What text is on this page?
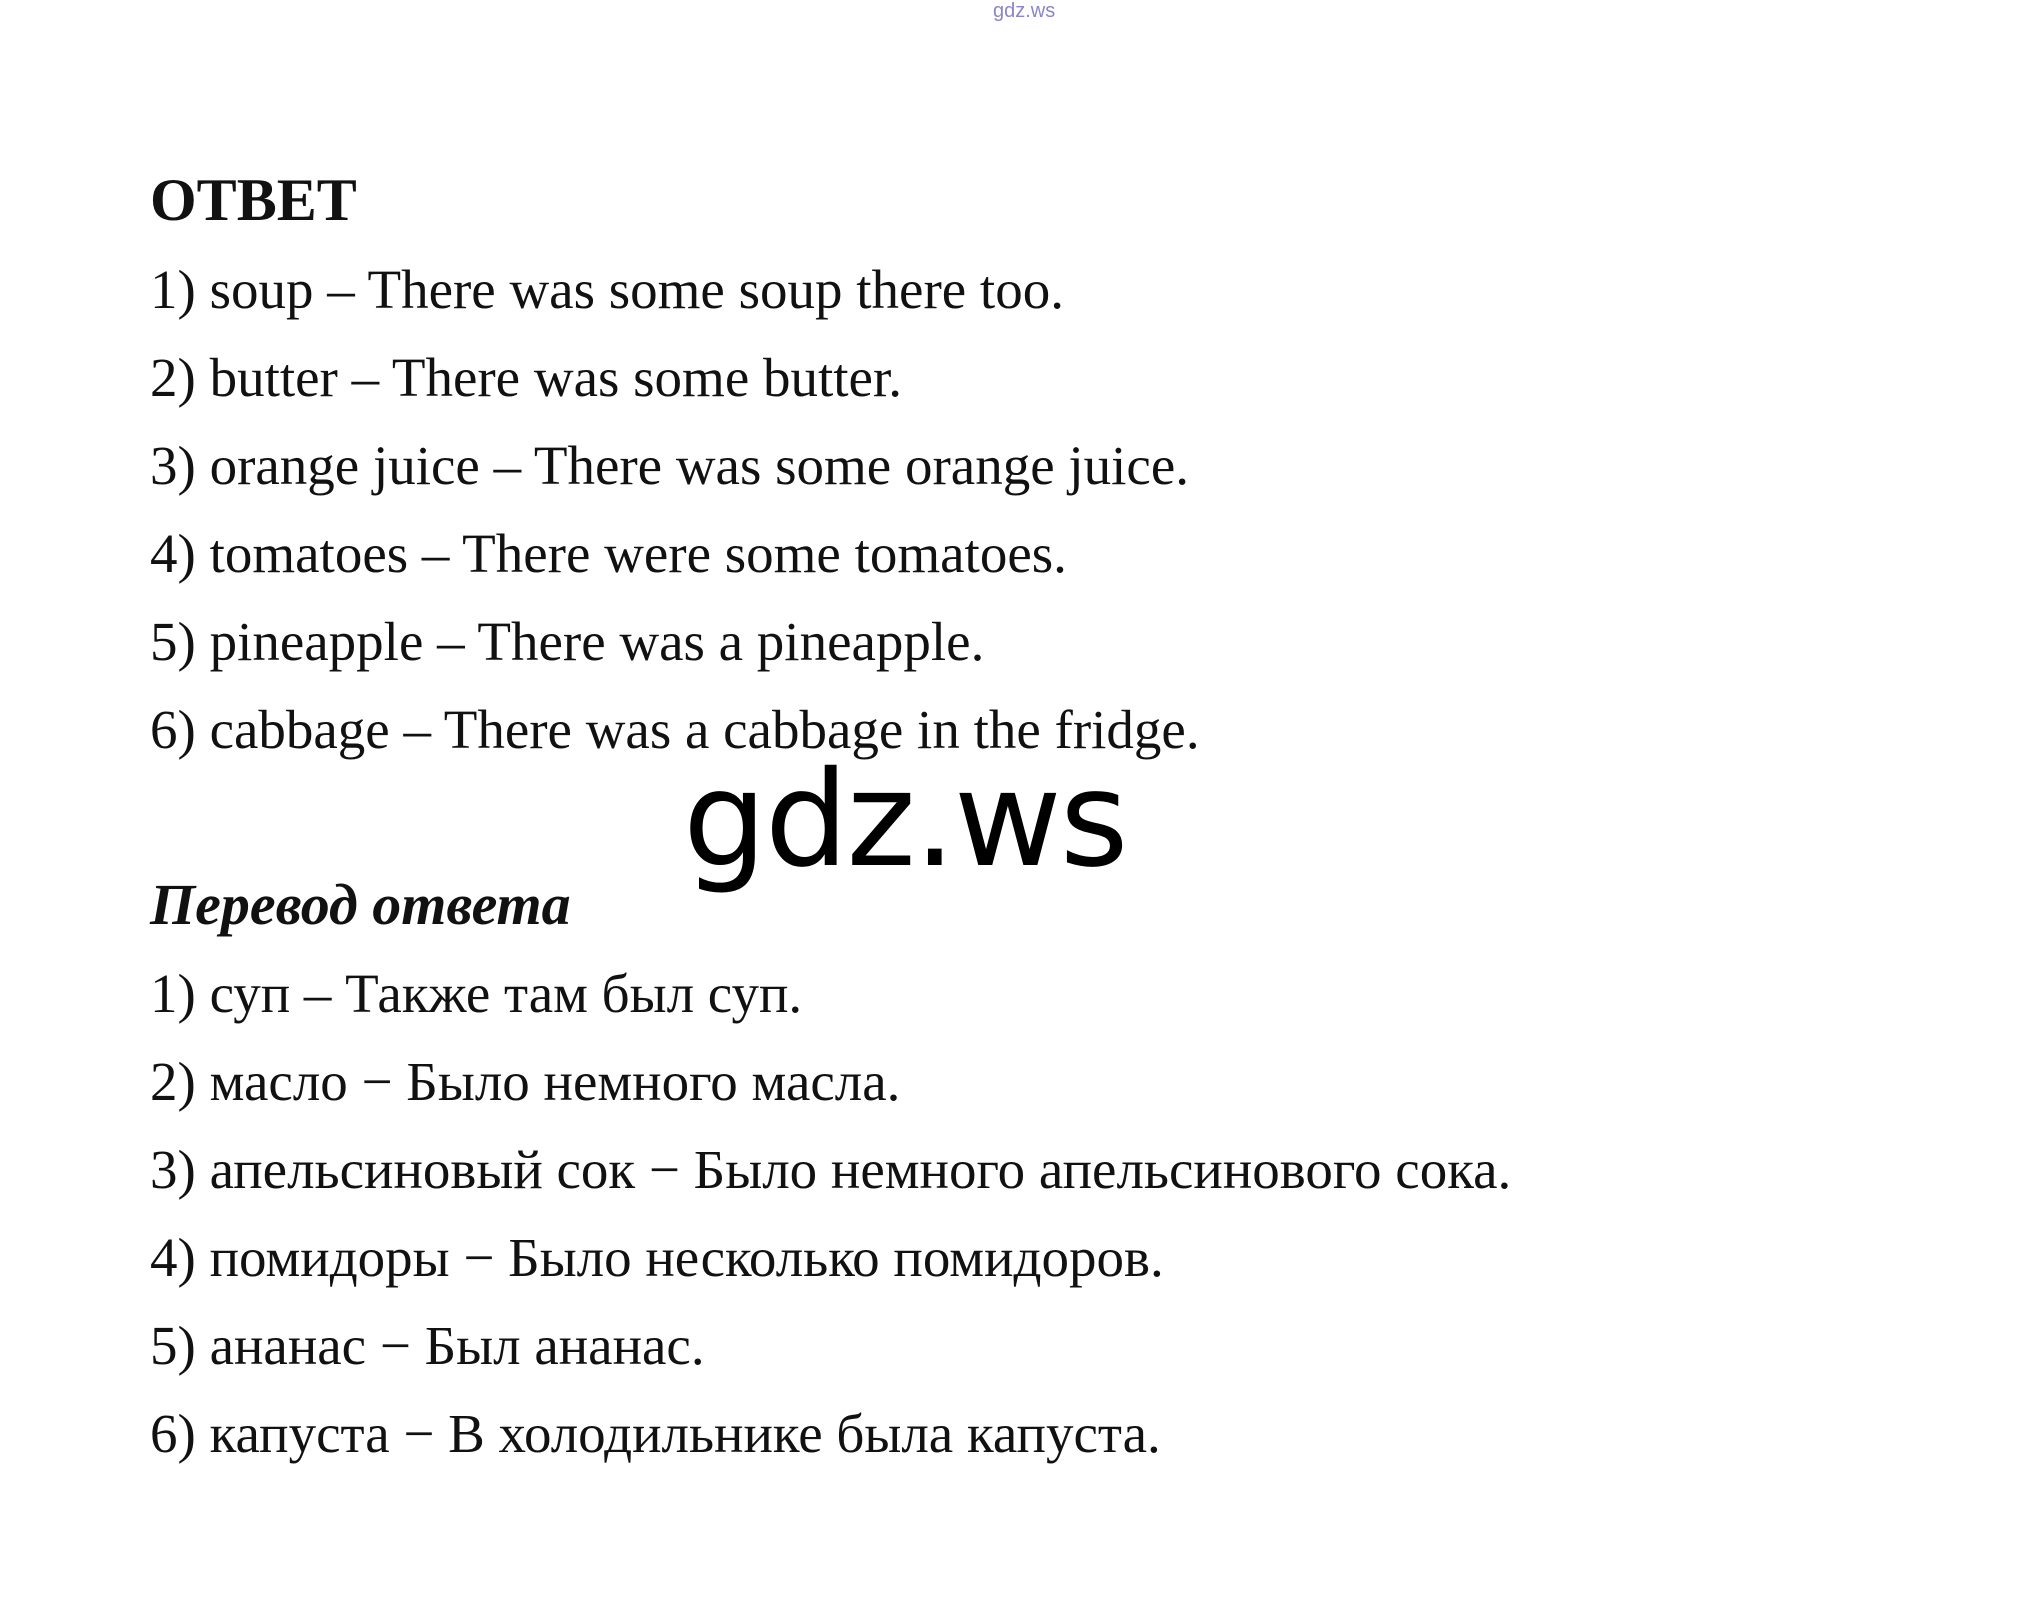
gdz.ws
ОТВЕТ
1) soup – There was some soup there too.
2) butter – There was some butter.
3) orange juice – There was some orange juice.
4) tomatoes – There were some tomatoes.
5) pineapple – There was a pineapple.
6) cabbage – There was a cabbage in the fridge.
gdz.ws
Перевод ответа
1) суп – Также там был суп.
2) масло − Было немного масла.
3) апельсиновый сок − Было немного апельсинового сока.
4) помидоры − Было несколько помидоров.
5) ананас − Был ананас.
6) капуста − В холодильнике была капуста.
